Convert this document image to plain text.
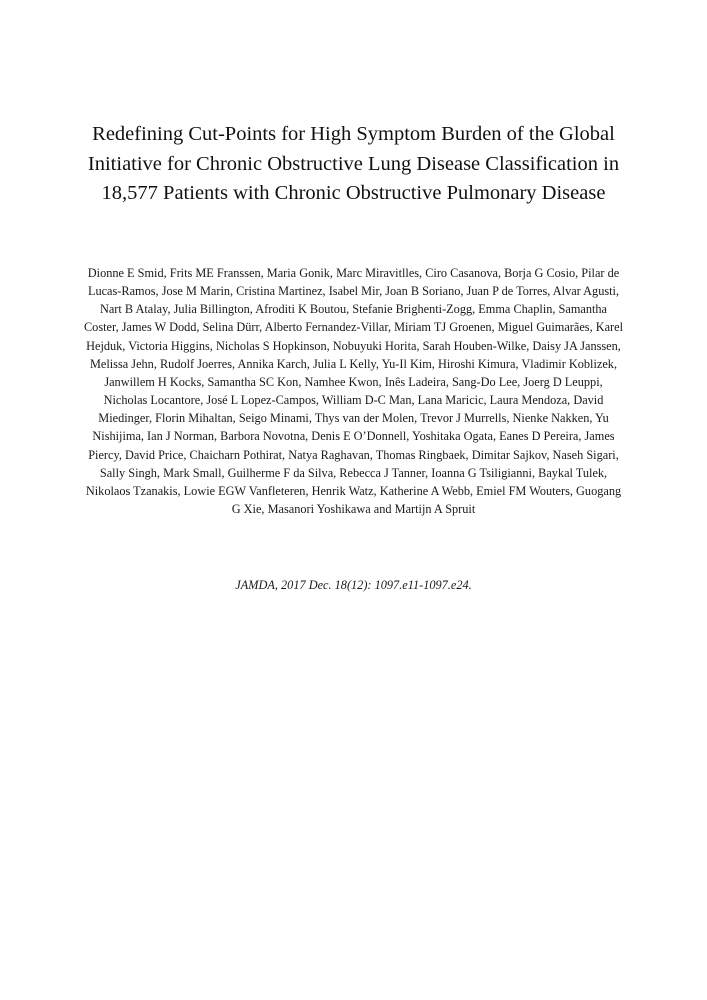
Redefining Cut-Points for High Symptom Burden of the Global Initiative for Chronic Obstructive Lung Disease Classification in 18,577 Patients with Chronic Obstructive Pulmonary Disease

Dionne E Smid, Frits ME Franssen, Maria Gonik, Marc Miravitlles, Ciro Casanova, Borja G Cosio, Pilar de Lucas-Ramos, Jose M Marin, Cristina Martinez, Isabel Mir, Joan B Soriano, Juan P de Torres, Alvar Agusti, Nart B Atalay, Julia Billington, Afroditi K Boutou, Stefanie Brighenti-Zogg, Emma Chaplin, Samantha Coster, James W Dodd, Selina Dürr, Alberto Fernandez-Villar, Miriam TJ Groenen, Miguel Guimarães, Karel Hejduk, Victoria Higgins, Nicholas S Hopkinson, Nobuyuki Horita, Sarah Houben-Wilke, Daisy JA Janssen, Melissa Jehn, Rudolf Joerres, Annika Karch, Julia L Kelly, Yu-Il Kim, Hiroshi Kimura, Vladimir Koblizek, Janwillem H Kocks, Samantha SC Kon, Namhee Kwon, Inês Ladeira, Sang-Do Lee, Joerg D Leuppi, Nicholas Locantore, José L Lopez-Campos, William D-C Man, Lana Maricic, Laura Mendoza, David Miedinger, Florin Mihaltan, Seigo Minami, Thys van der Molen, Trevor J Murrells, Nienke Nakken, Yu Nishijima, Ian J Norman, Barbora Novotna, Denis E O’Donnell, Yoshitaka Ogata, Eanes D Pereira, James Piercy, David Price, Chaicharn Pothirat, Natya Raghavan, Thomas Ringbaek, Dimitar Sajkov, Naseh Sigari, Sally Singh, Mark Small, Guilherme F da Silva, Rebecca J Tanner, Ioanna G Tsiligianni, Baykal Tulek, Nikolaos Tzanakis, Lowie EGW Vanfleteren, Henrik Watz, Katherine A Webb, Emiel FM Wouters, Guogang G Xie, Masanori Yoshikawa and Martijn A Spruit

JAMDA, 2017 Dec. 18(12): 1097.e11-1097.e24.
